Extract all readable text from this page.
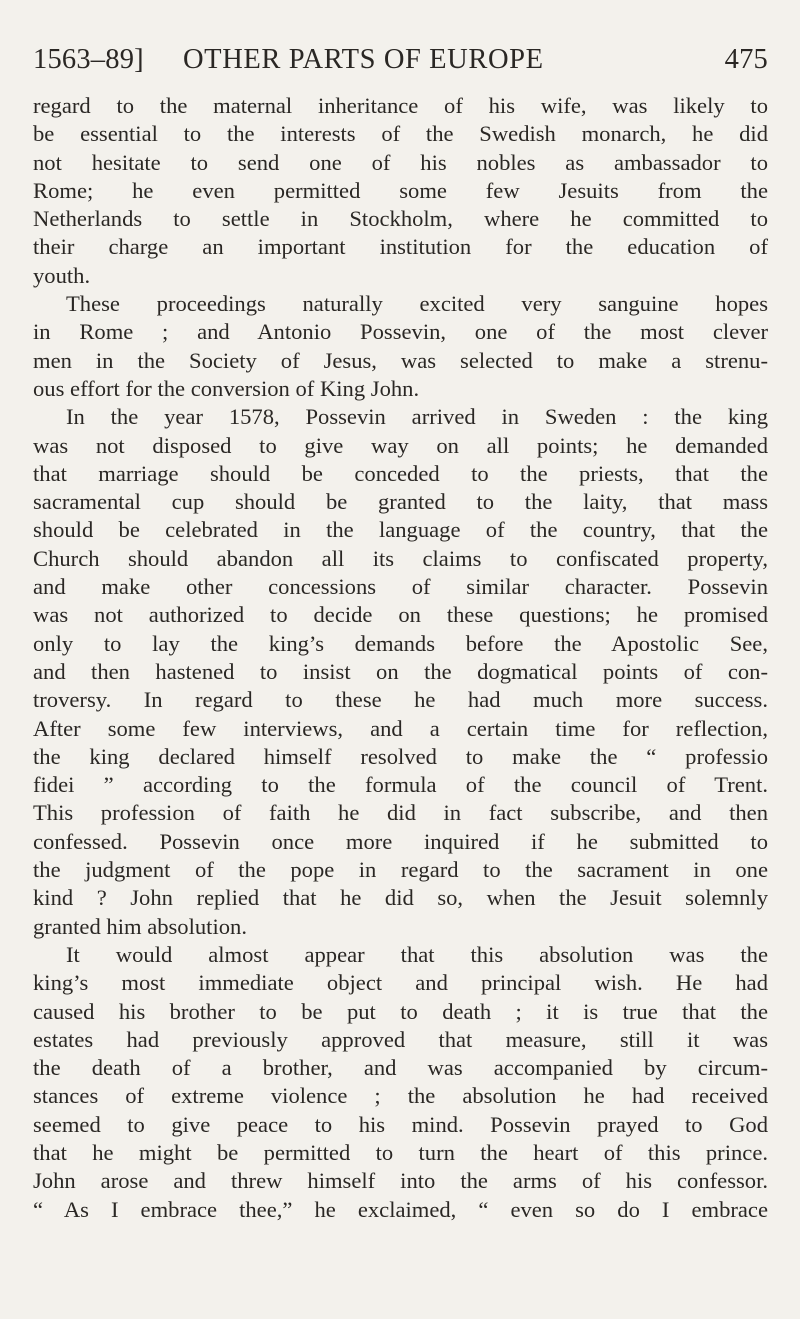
1563–89] OTHER PARTS OF EUROPE	475
regard to the maternal inheritance of his wife, was likely to
be essential to the interests of the Swedish monarch, he did
not hesitate to send one of his nobles as ambassador to
Rome; he even permitted some few Jesuits from the
Netherlands to settle in Stockholm, where he committed to
their charge an important institution for the education of
youth.
These proceedings naturally excited very sanguine hopes
in Rome ; and Antonio Possevin, one of the most clever
men in the Society of Jesus, was selected to make a strenu-
ous effort for the conversion of King John.
In the year 1578, Possevin arrived in Sweden : the king
was not disposed to give way on all points; he demanded
that marriage should be conceded to the priests, that the
sacramental cup should be granted to the laity, that mass
should be celebrated in the language of the country, that the
Church should abandon all its claims to confiscated property,
and make other concessions of similar character. Possevin
was not authorized to decide on these questions; he promised
only to lay the king’s demands before the Apostolic See,
and then hastened to insist on the dogmatical points of con-
troversy. In regard to these he had much more success.
After some few interviews, and a certain time for reflection,
the king declared himself resolved to make the “ professio
fidei ” according to the formula of the council of Trent.
This profession of faith he did in fact subscribe, and then
confessed. Possevin once more inquired if he submitted to
the judgment of the pope in regard to the sacrament in one
kind ? John replied that he did so, when the Jesuit solemnly
granted him absolution.
It would almost appear that this absolution was the
king’s most immediate object and principal wish. He had
caused his brother to be put to death ; it is true that the
estates had previously approved that measure, still it was
the death of a brother, and was accompanied by circum-
stances of extreme violence ; the absolution he had received
seemed to give peace to his mind. Possevin prayed to God
that he might be permitted to turn the heart of this prince.
John arose and threw himself into the arms of his confessor.
“ As I embrace thee,” he exclaimed, “ even so do I embrace
